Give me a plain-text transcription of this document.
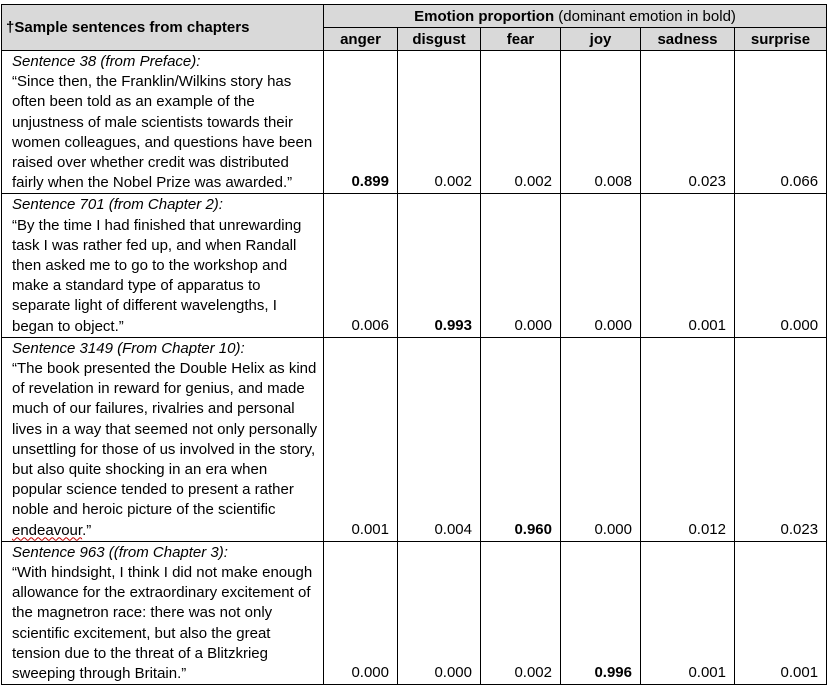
†Sample sentences from chapters	Emotion proportion (dominant emotion in bold)					
	anger	disgust	fear	joy	sadness	surprise

Sentence 38 (from Preface):
“Since then, the Franklin/Wilkins story has often been told as an example of the unjustness of male scientists towards their women colleagues, and questions have been raised over whether credit was distributed fairly when the Nobel Prize was awarded.”	0.899	0.002	0.002	0.008	0.023	0.066

Sentence 701 (from Chapter 2):
“By the time I had finished that unrewarding task I was rather fed up, and when Randall then asked me to go to the workshop and make a standard type of apparatus to separate light of different wavelengths, I began to object.”	0.006	0.993	0.000	0.000	0.001	0.000

Sentence 3149 (From Chapter 10):
“The book presented the Double Helix as kind of revelation in reward for genius, and made much of our failures, rivalries and personal lives in a way that seemed not only personally unsettling for those of us involved in the story, but also quite shocking in an era when popular science tended to present a rather noble and heroic picture of the scientific endeavour.”	0.001	0.004	0.960	0.000	0.012	0.023

Sentence 963 ((from Chapter 3):
“With hindsight, I think I did not make enough allowance for the extraordinary excitement of the magnetron race: there was not only scientific excitement, but also the great tension due to the threat of a Blitzkrieg sweeping through Britain.”	0.000	0.000	0.002	0.996	0.001	0.001
